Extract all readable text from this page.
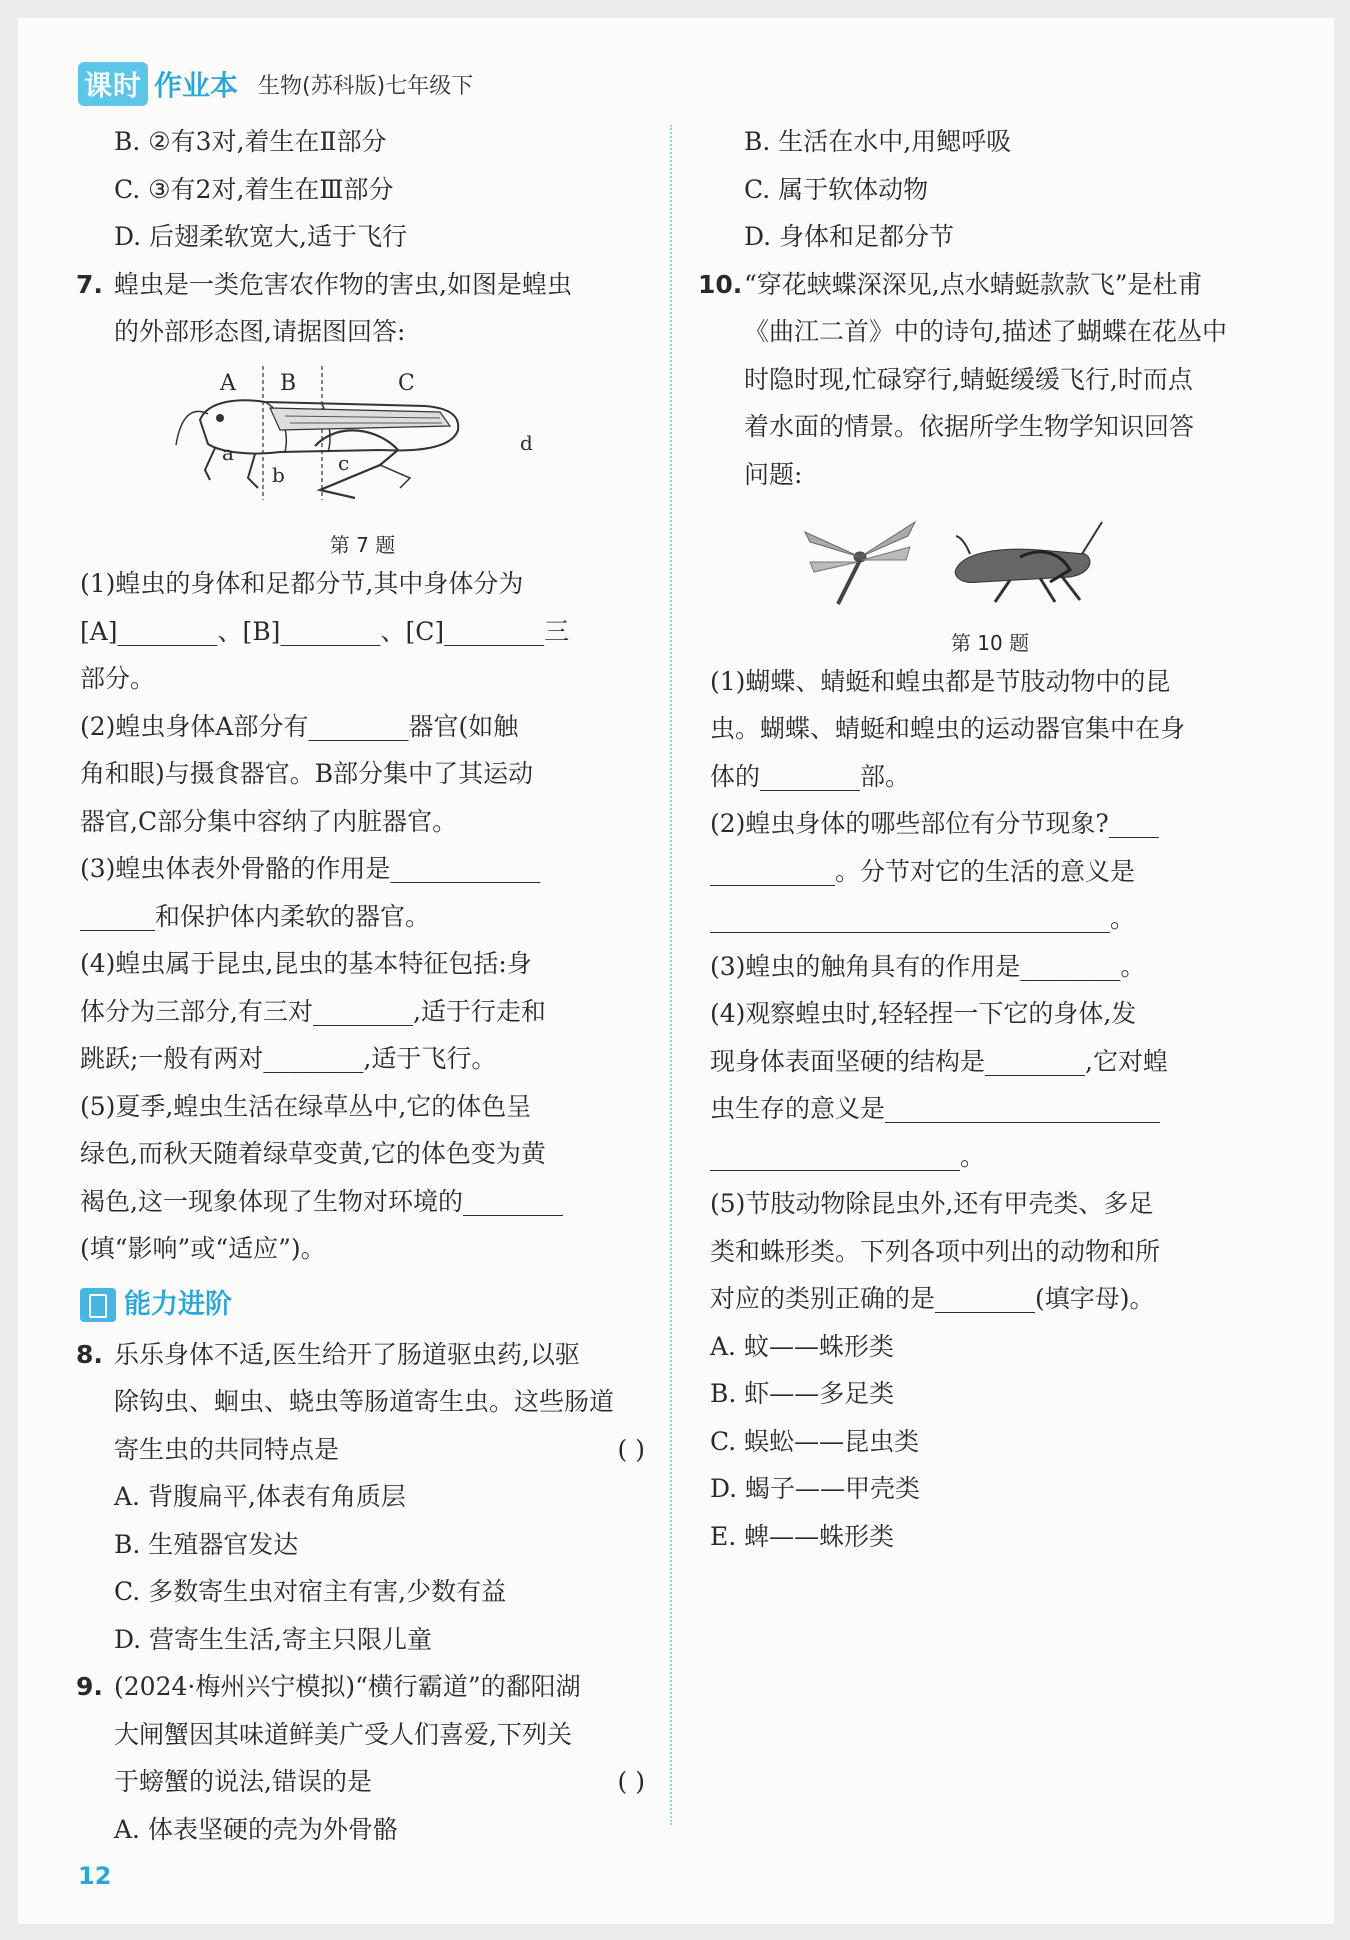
课时 作业本 生物(苏科版)七年级下
B. ②有3对,着生在Ⅱ部分
C. ③有2对,着生在Ⅲ部分
D. 后翅柔软宽大,适于飞行
7. 蝗虫是一类危害农作物的害虫,如图是蝗虫
的外部形态图,请据图回答:
A B	C
a
b	c
d
第 7 题
(1)蝗虫的身体和足都分节,其中身体分为
[A]________、[B]________、[C]________三
部分。
(2)蝗虫身体A部分有________器官(如触
角和眼)与摄食器官。B部分集中了其运动
器官,C部分集中容纳了内脏器官。
(3)蝗虫体表外骨骼的作用是____________
______和保护体内柔软的器官。
(4)蝗虫属于昆虫,昆虫的基本特征包括:身
体分为三部分,有三对________,适于行走和
跳跃;一般有两对________,适于飞行。
(5)夏季,蝗虫生活在绿草丛中,它的体色呈
绿色,而秋天随着绿草变黄,它的体色变为黄
褐色,这一现象体现了生物对环境的________
(填“影响”或“适应”)。
能力进阶
8. 乐乐身体不适,医生给开了肠道驱虫药,以驱
除钩虫、蛔虫、蛲虫等肠道寄生虫。这些肠道
寄生虫的共同特点是	( )
A. 背腹扁平,体表有角质层
B. 生殖器官发达
C. 多数寄生虫对宿主有害,少数有益
D. 营寄生生活,寄主只限儿童
9. (2024·梅州兴宁模拟)“横行霸道”的鄱阳湖
大闸蟹因其味道鲜美广受人们喜爱,下列关
于螃蟹的说法,错误的是	( )
A. 体表坚硬的壳为外骨骼
B. 生活在水中,用鳃呼吸
C. 属于软体动物
D. 身体和足都分节
10. “穿花蛱蝶深深见,点水蜻蜓款款飞”是杜甫
《曲江二首》中的诗句,描述了蝴蝶在花丛中
时隐时现,忙碌穿行,蜻蜓缓缓飞行,时而点
着水面的情景。依据所学生物学知识回答
问题:
第 10 题
(1)蝴蝶、蜻蜓和蝗虫都是节肢动物中的昆
虫。蝴蝶、蜻蜓和蝗虫的运动器官集中在身
体的________部。
(2)蝗虫身体的哪些部位有分节现象?____
__________。分节对它的生活的意义是
________________________________。
(3)蝗虫的触角具有的作用是________。
(4)观察蝗虫时,轻轻捏一下它的身体,发
现身体表面坚硬的结构是________,它对蝗
虫生存的意义是______________________
____________________。
(5)节肢动物除昆虫外,还有甲壳类、多足
类和蛛形类。下列各项中列出的动物和所
对应的类别正确的是________(填字母)。
A. 蚊——蛛形类
B. 虾——多足类
C. 蜈蚣——昆虫类
D. 蝎子——甲壳类
E. 蜱——蛛形类
12
